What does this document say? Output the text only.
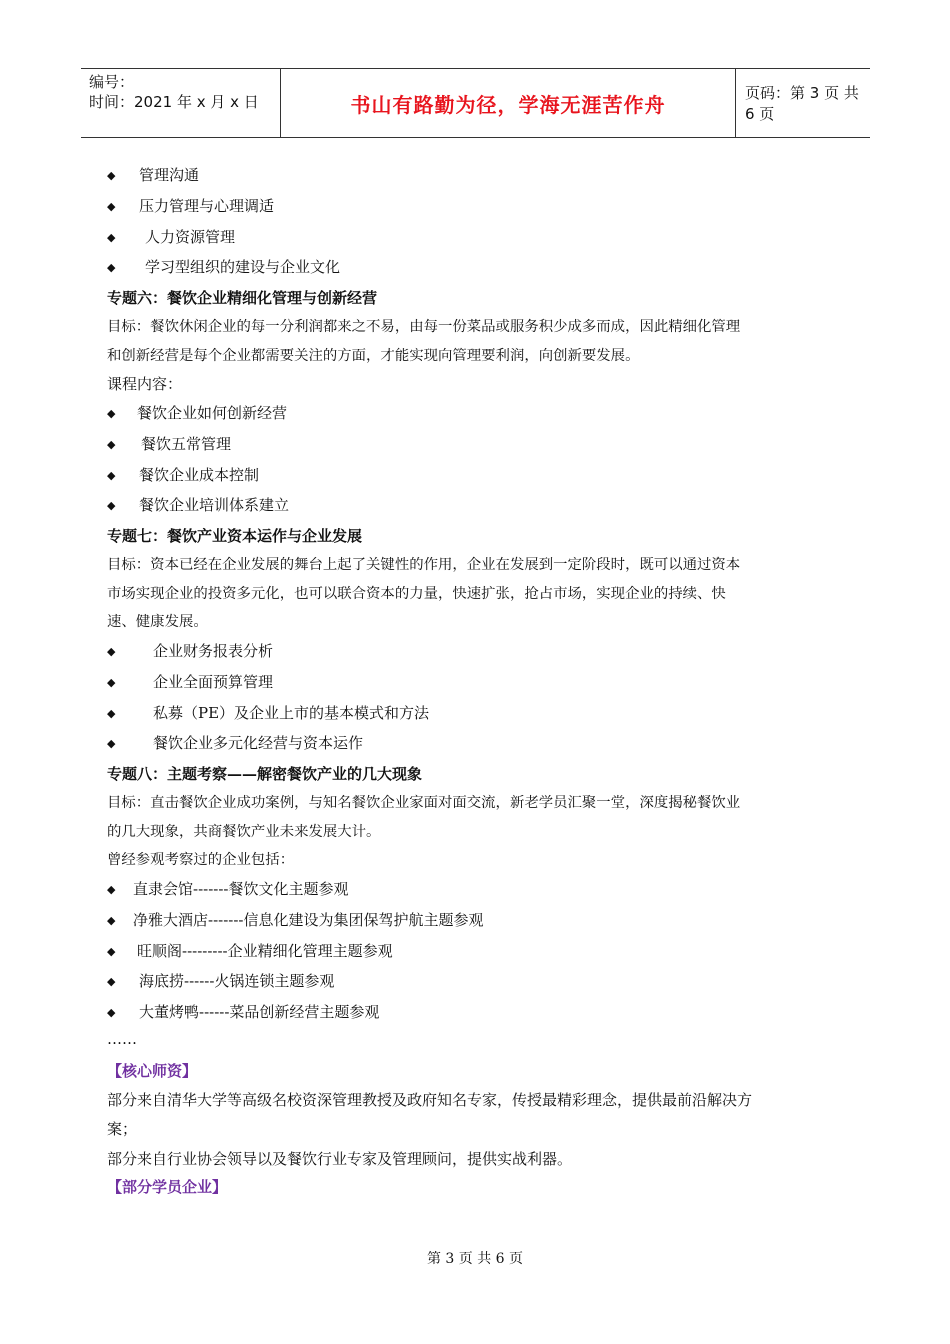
编号：
时间：2021 年 x 月 x 日	书山有路勤为径，学海无涯苦作舟	页码：第 3 页 共 6 页
◆ 管理沟通
◆ 压力管理与心理调适
◆ 人力资源管理
◆ 学习型组织的建设与企业文化
专题六：餐饮企业精细化管理与创新经营
目标：餐饮休闲企业的每一分利润都来之不易，由每一份菜品或服务积少成多而成，因此精细化管理
和创新经营是每个企业都需要关注的方面，才能实现向管理要利润，向创新要发展。
课程内容：
◆ 餐饮企业如何创新经营
◆ 餐饮五常管理
◆ 餐饮企业成本控制
◆ 餐饮企业培训体系建立
专题七：餐饮产业资本运作与企业发展
目标：资本已经在企业发展的舞台上起了关键性的作用，企业在发展到一定阶段时，既可以通过资本
市场实现企业的投资多元化，也可以联合资本的力量，快速扩张，抢占市场，实现企业的持续、快
速、健康发展。
◆	企业财务报表分析
◆	企业全面预算管理
◆	私募（PE）及企业上市的基本模式和方法
◆	餐饮企业多元化经营与资本运作
专题八：主题考察——解密餐饮产业的几大现象
目标：直击餐饮企业成功案例，与知名餐饮企业家面对面交流，新老学员汇聚一堂，深度揭秘餐饮业
的几大现象，共商餐饮产业未来发展大计。
曾经参观考察过的企业包括：
◆ 直隶会馆-------餐饮文化主题参观
◆ 净雅大酒店-------信息化建设为集团保驾护航主题参观
◆ 旺顺阁---------企业精细化管理主题参观
◆ 海底捞------火锅连锁主题参观
◆ 大董烤鸭------菜品创新经营主题参观
……
【核心师资】
部分来自清华大学等高级名校资深管理教授及政府知名专家，传授最精彩理念，提供最前沿解决方
案；
部分来自行业协会领导以及餐饮行业专家及管理顾问，提供实战利器。
【部分学员企业】
第 3 页 共 6 页
